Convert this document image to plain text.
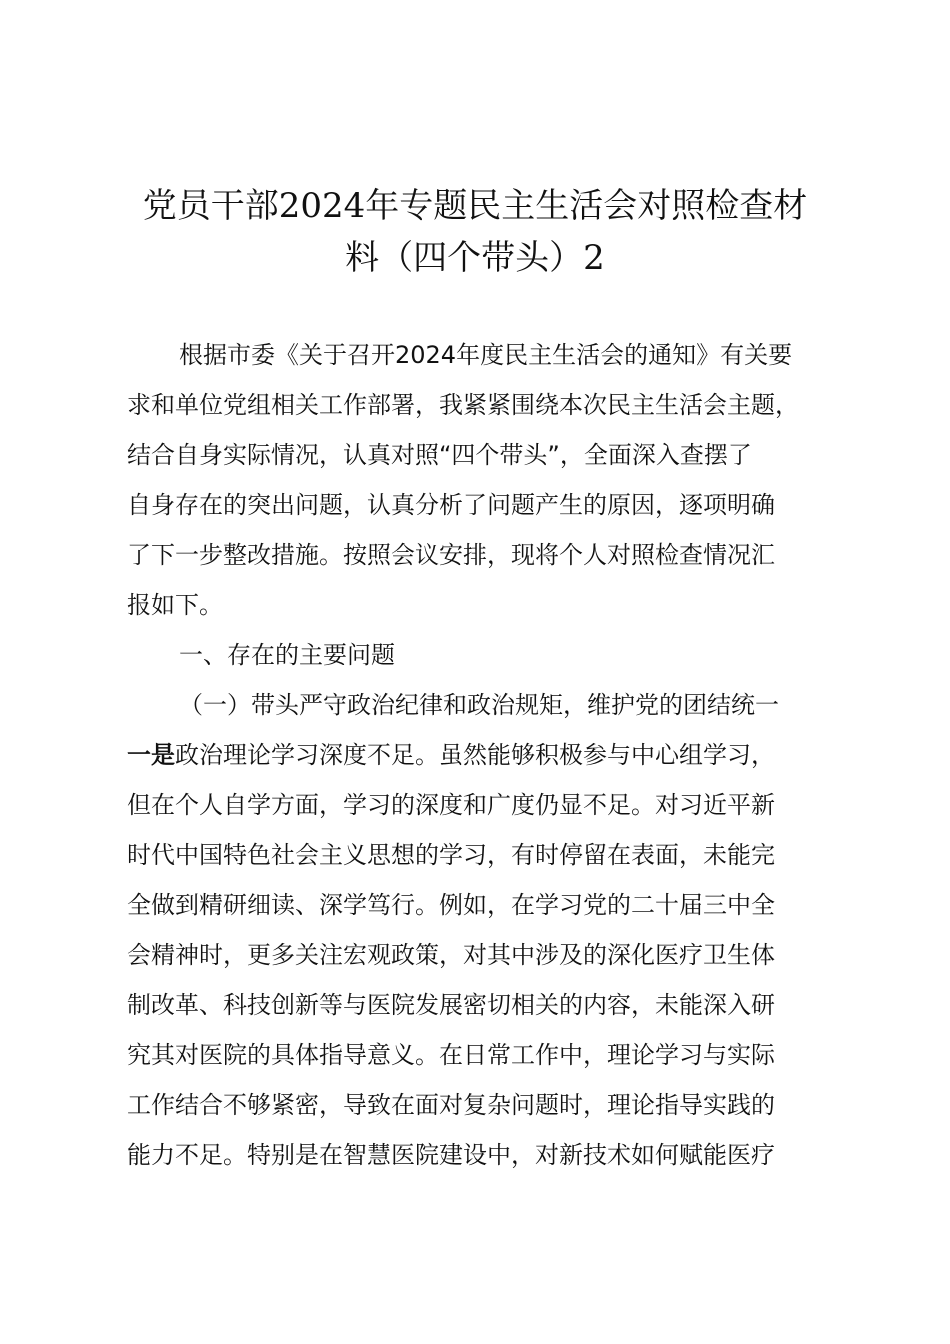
党员干部2024年专题民主生活会对照检查材
料（四个带头）2
根据市委《关于召开2024年度民主生活会的通知》有关要
求和单位党组相关工作部署，我紧紧围绕本次民主生活会主题，
结合自身实际情况，认真对照“四个带头”，全面深入查摆了
自身存在的突出问题，认真分析了问题产生的原因，逐项明确
了下一步整改措施。按照会议安排，现将个人对照检查情况汇
报如下。
一、存在的主要问题
（一）带头严守政治纪律和政治规矩，维护党的团结统一
一是政治理论学习深度不足。虽然能够积极参与中心组学习，
但在个人自学方面，学习的深度和广度仍显不足。对习近平新
时代中国特色社会主义思想的学习，有时停留在表面，未能完
全做到精研细读、深学笃行。例如，在学习党的二十届三中全
会精神时，更多关注宏观政策，对其中涉及的深化医疗卫生体
制改革、科技创新等与医院发展密切相关的内容，未能深入研
究其对医院的具体指导意义。在日常工作中，理论学习与实际
工作结合不够紧密，导致在面对复杂问题时，理论指导实践的
能力不足。特别是在智慧医院建设中，对新技术如何赋能医疗
